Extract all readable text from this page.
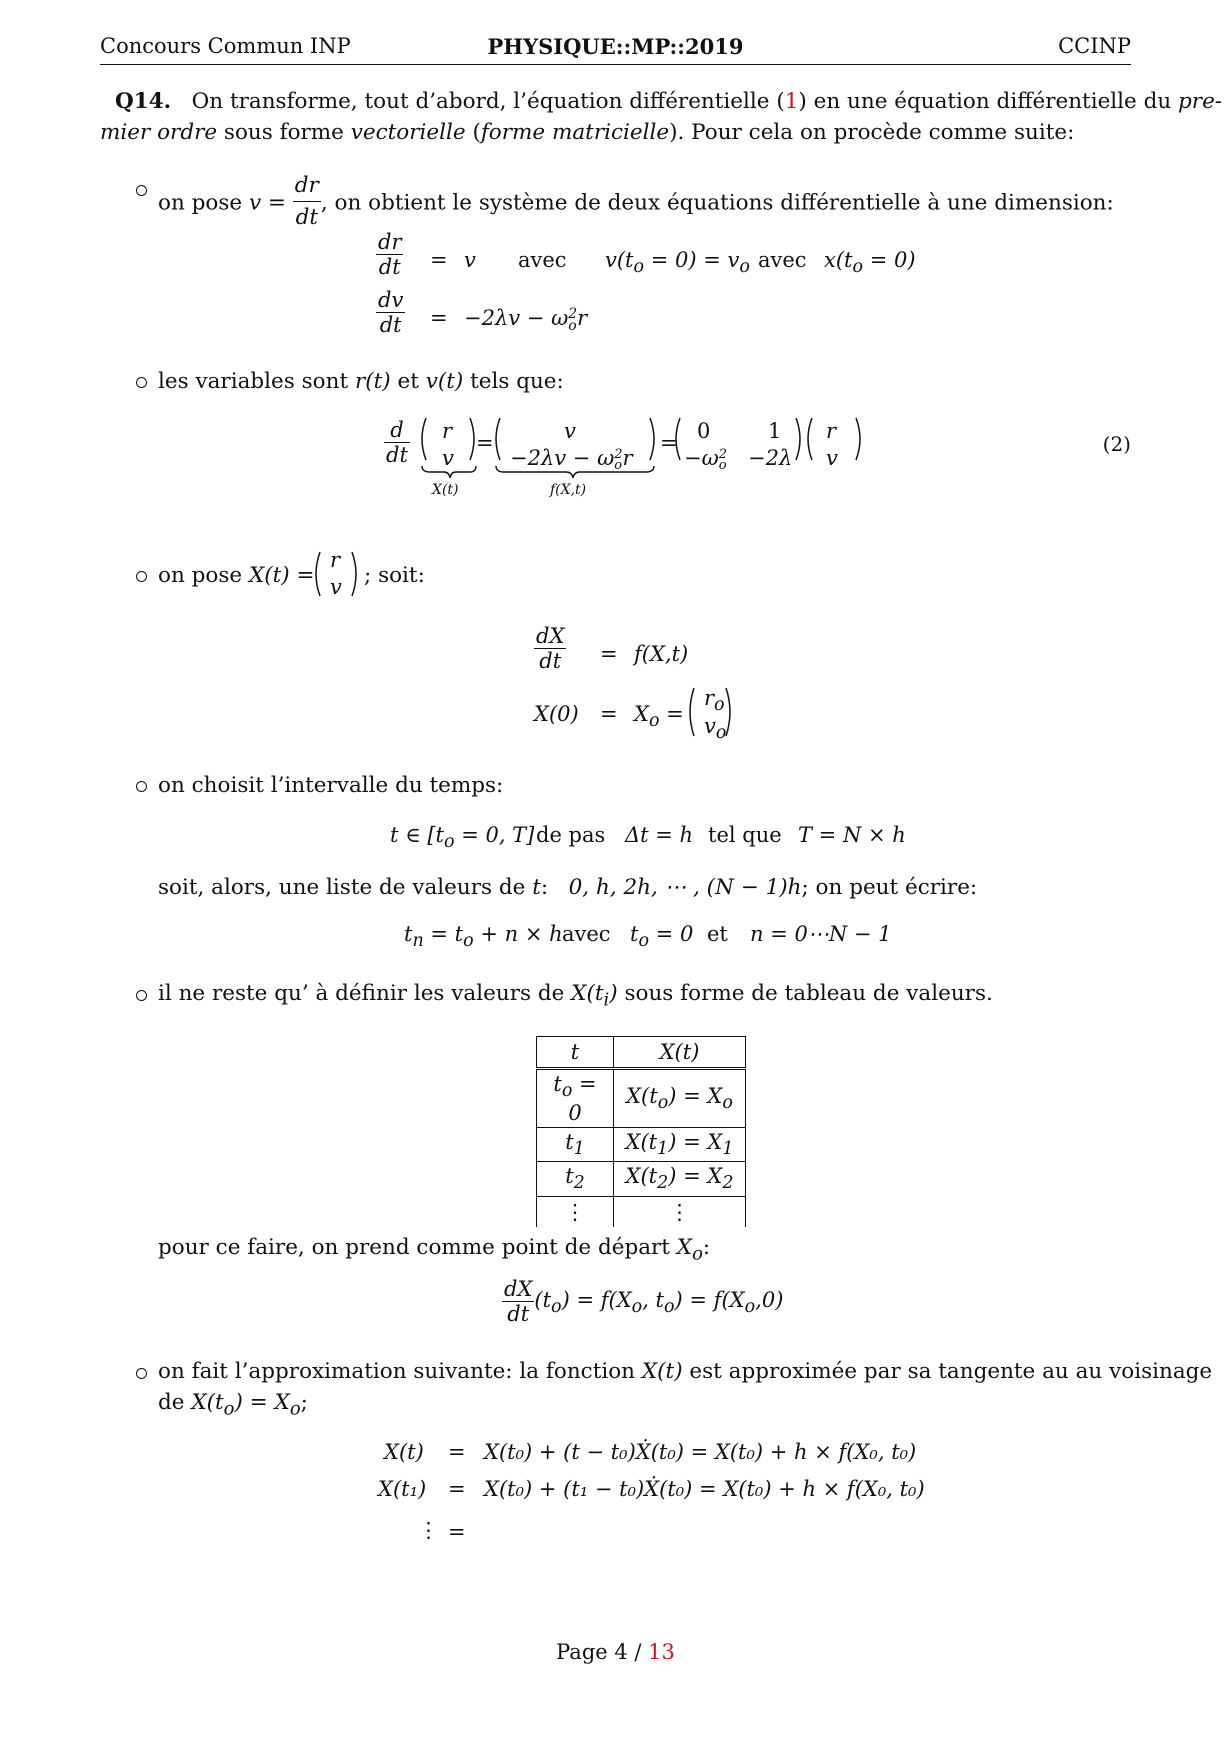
Concours Commun INP	PHYSIQUE::MP::2019	CCINP
Q14. On transforme, tout d’abord, l’équation différentielle (1) en une équation différentielle du pre-
mier ordre sous forme vectorielle (forme matricielle). Pour cela on procède comme suite:
on pose $v = \frac{dr}{dt}$ , on obtient le système de deux équations différentielle à une dimension:
$\frac{dr}{dt} = v$ avec $v(t_o = 0) = v_o$ avec $x(t_o = 0)$
$\frac{dv}{dt} = -2\lambda v - \omega$ 2
o r
les variables sont r(t) et v(t) tels que:
$\frac{d}{dt}$ r
v
=	v
−2λv − ω 2
o r
= 0	1
−ω 2
o −2λ
r
v
X(t)	f(X,t)
(2)
on pose X(t) =
r
v ; soit:
$\frac{dX}{dt} = f(X,t)$
$X(0) = X_o$ =
$r_o$
$v_o$
on choisit l’intervalle du temps:
t ∈ [$t_o = 0$, T] de pas Δt = h tel que T = N × h
soit, alors, une liste de valeurs de t: 0, h, 2h, ⋯ , (N − 1)h; on peut écrire:
$t_n = t_o + n \times h$ avec $t_o = 0$ et n = 0⋯N − 1
il ne reste qu’ à définir les valeurs de $X(t_i)$ sous forme de tableau de valeurs.
t	X(t)
$t_o = 0$	$X(t_o) = X_o$
$t_1$	$X(t_1) = X_1$
$t_2$	$X(t_2) = X_2$
⋮	⋮
pour ce faire, on prend comme point de départ $X_o$:
$\frac{dX}{dt} (t_o) = f(X_o$, $t_o) = f(X_o,0)$
on fait l’approximation suivante: la fonction X(t) est approximée par sa tangente au au voisinage
de $X(t_o) = X_o$;
X(t) = X(t₀) + (t − t₀)Ẋ(t₀) = X(t₀) + h × f(X₀, t₀)
X(t₁) = X(t₀) + (t₁ − t₀)Ẋ(t₀) = X(t₀) + h × f(X₀, t₀)
⋮ =
Page 4 / 13
